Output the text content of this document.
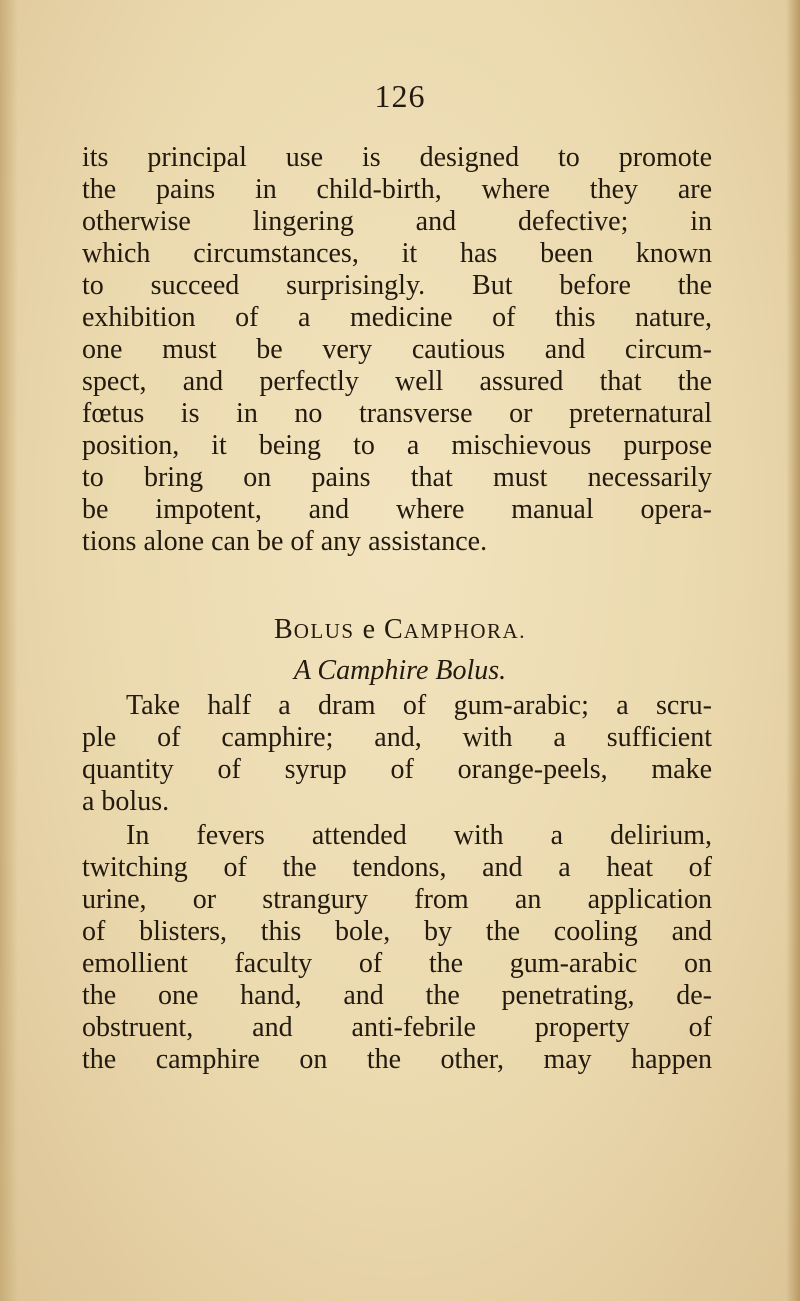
126
its principal use is designed to promote
the pains in child-birth, where they are
otherwise lingering and defective; in
which circumstances, it has been known
to succeed surprisingly. But before the
exhibition of a medicine of this nature,
one must be very cautious and circum-
spect, and perfectly well assured that the
fœtus is in no transverse or preternatural
position, it being to a mischievous purpose
to bring on pains that must necessarily
be impotent, and where manual opera-
tions alone can be of any assistance.
BOLUS e CAMPHORA.
A Camphire Bolus.
Take half a dram of gum-arabic; a scru-
ple of camphire; and, with a sufficient
quantity of syrup of orange-peels, make
a bolus.
In fevers attended with a delirium,
twitching of the tendons, and a heat of
urine, or strangury from an application
of blisters, this bole, by the cooling and
emollient faculty of the gum-arabic on
the one hand, and the penetrating, de-
obstruent, and anti-febrile property of
the camphire on the other, may happen
